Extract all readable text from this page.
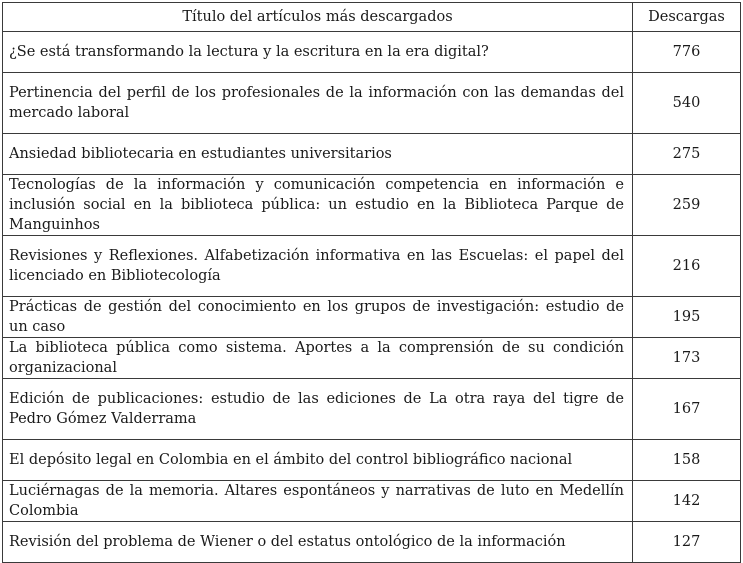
Título del artículos más descargados	Descargas
¿Se está transformando la lectura y la escritura en la era digital?	776
Pertinencia del perfil de los profesionales de la información con las demandas del mercado laboral	540
Ansiedad bibliotecaria en estudiantes universitarios	275
Tecnologías de la información y comunicación competencia en información e inclusión social en la biblioteca pública: un estudio en la Biblioteca Parque de Manguinhos	259
Revisiones y Reflexiones. Alfabetización informativa en las Escuelas: el papel del licenciado en Bibliotecología	216
Prácticas de gestión del conocimiento en los grupos de investigación: estudio de un caso	195
La biblioteca pública como sistema. Aportes a la comprensión de su condición organizacional	173
Edición de publicaciones: estudio de las ediciones de La otra raya del tigre de Pedro Gómez Valderrama	167
El depósito legal en Colombia en el ámbito del control bibliográfico nacional	158
Luciérnagas de la memoria. Altares espontáneos y narrativas de luto en Medellín Colombia	142
Revisión del problema de Wiener o del estatus ontológico de la información	127
